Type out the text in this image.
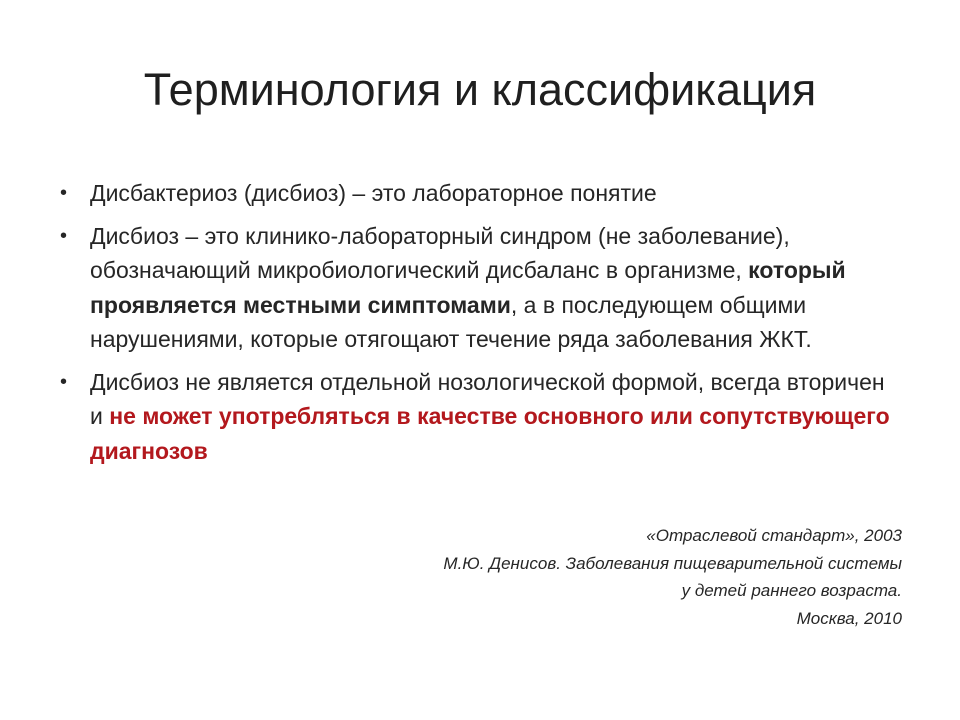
Терминология и классификация
• Дисбактериоз (дисбиоз) – это лабораторное понятие
• Дисбиоз – это клинико-лабораторный синдром (не заболевание), обозначающий микробиологический дисбаланс в организме, который проявляется местными симптомами, а в последующем общими нарушениями, которые отягощают течение ряда заболевания ЖКТ.
• Дисбиоз не является отдельной нозологической формой, всегда вторичен и не может употребляться в качестве основного или сопутствующего диагнозов
«Отраслевой стандарт», 2003
М.Ю. Денисов. Заболевания пищеварительной системы
у детей раннего возраста.
Москва, 2010
